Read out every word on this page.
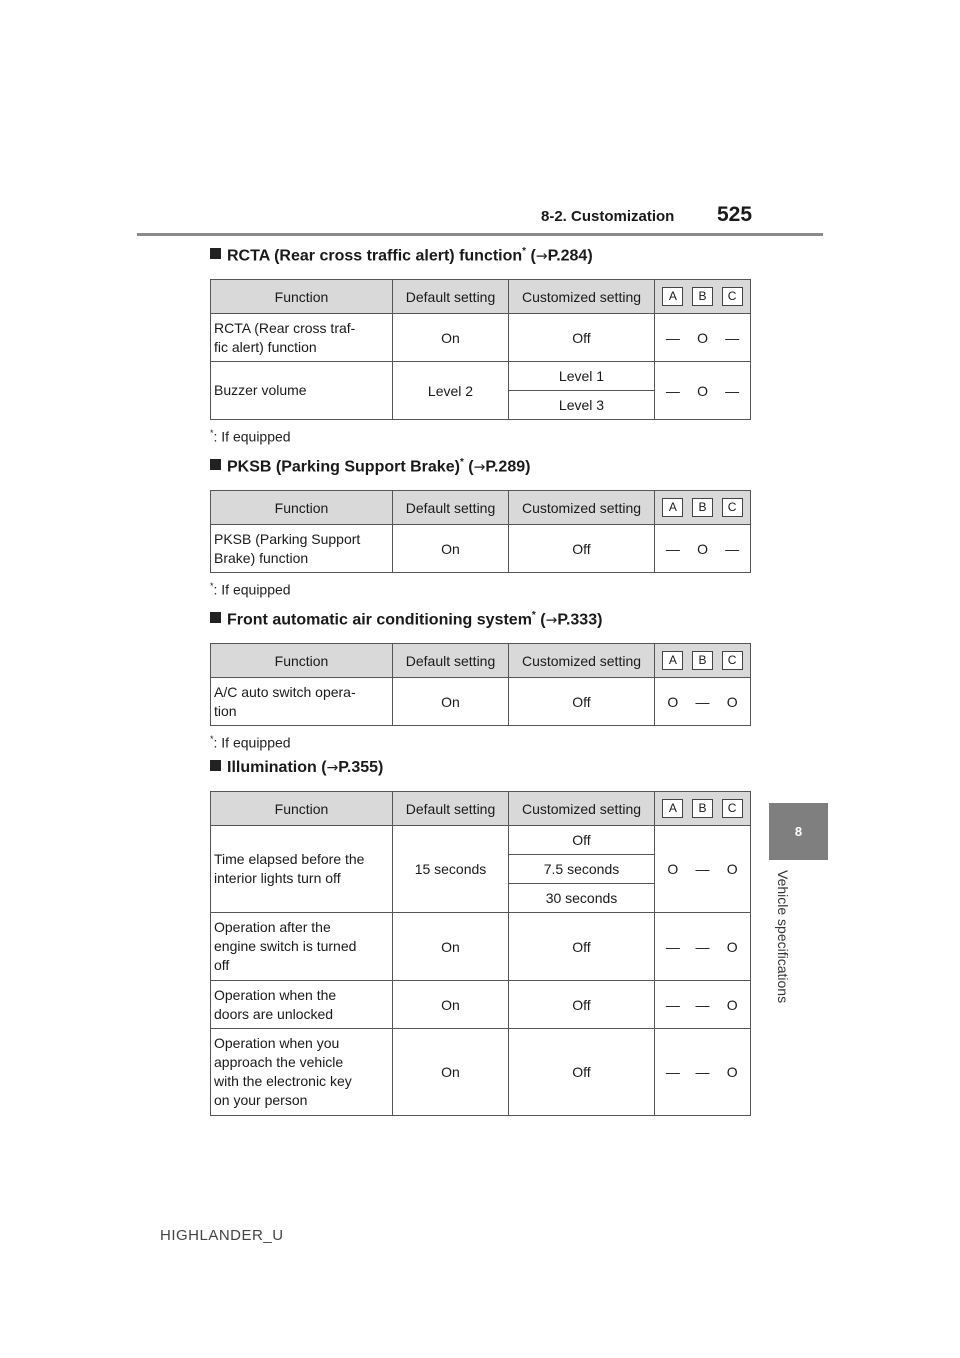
8-2. Customization 525
8
Vehicle specifications
RCTA (Rear cross traffic alert) function* (→P.284)
Function	Default setting	Customized setting	A B C

RCTA (Rear cross traf-
fic alert) function	On	Off	— O —

Buzzer volume	Level 2	Level 1	— O —

		Level 3	
*: If equipped
PKSB (Parking Support Brake)* (→P.289)
Function	Default setting	Customized setting	A B C

PKSB (Parking Support
Brake) function	On	Off	— O —
*: If equipped
Front automatic air conditioning system* (→P.333)
Function	Default setting	Customized setting	A B C

A/C auto switch opera-
tion	On	Off	O — O
*: If equipped
Illumination (→P.355)
Function	Default setting	Customized setting	A B C

Time elapsed before the
interior lights turn off	15 seconds	Off	O — O

		7.5 seconds	
		30 seconds	
Operation after the
engine switch is turned
off	On	Off	— — O

Operation when the
doors are unlocked	On	Off	— — O

Operation when you
approach the vehicle
with the electronic key
on your person	On	Off	— — O
HIGHLANDER_U
